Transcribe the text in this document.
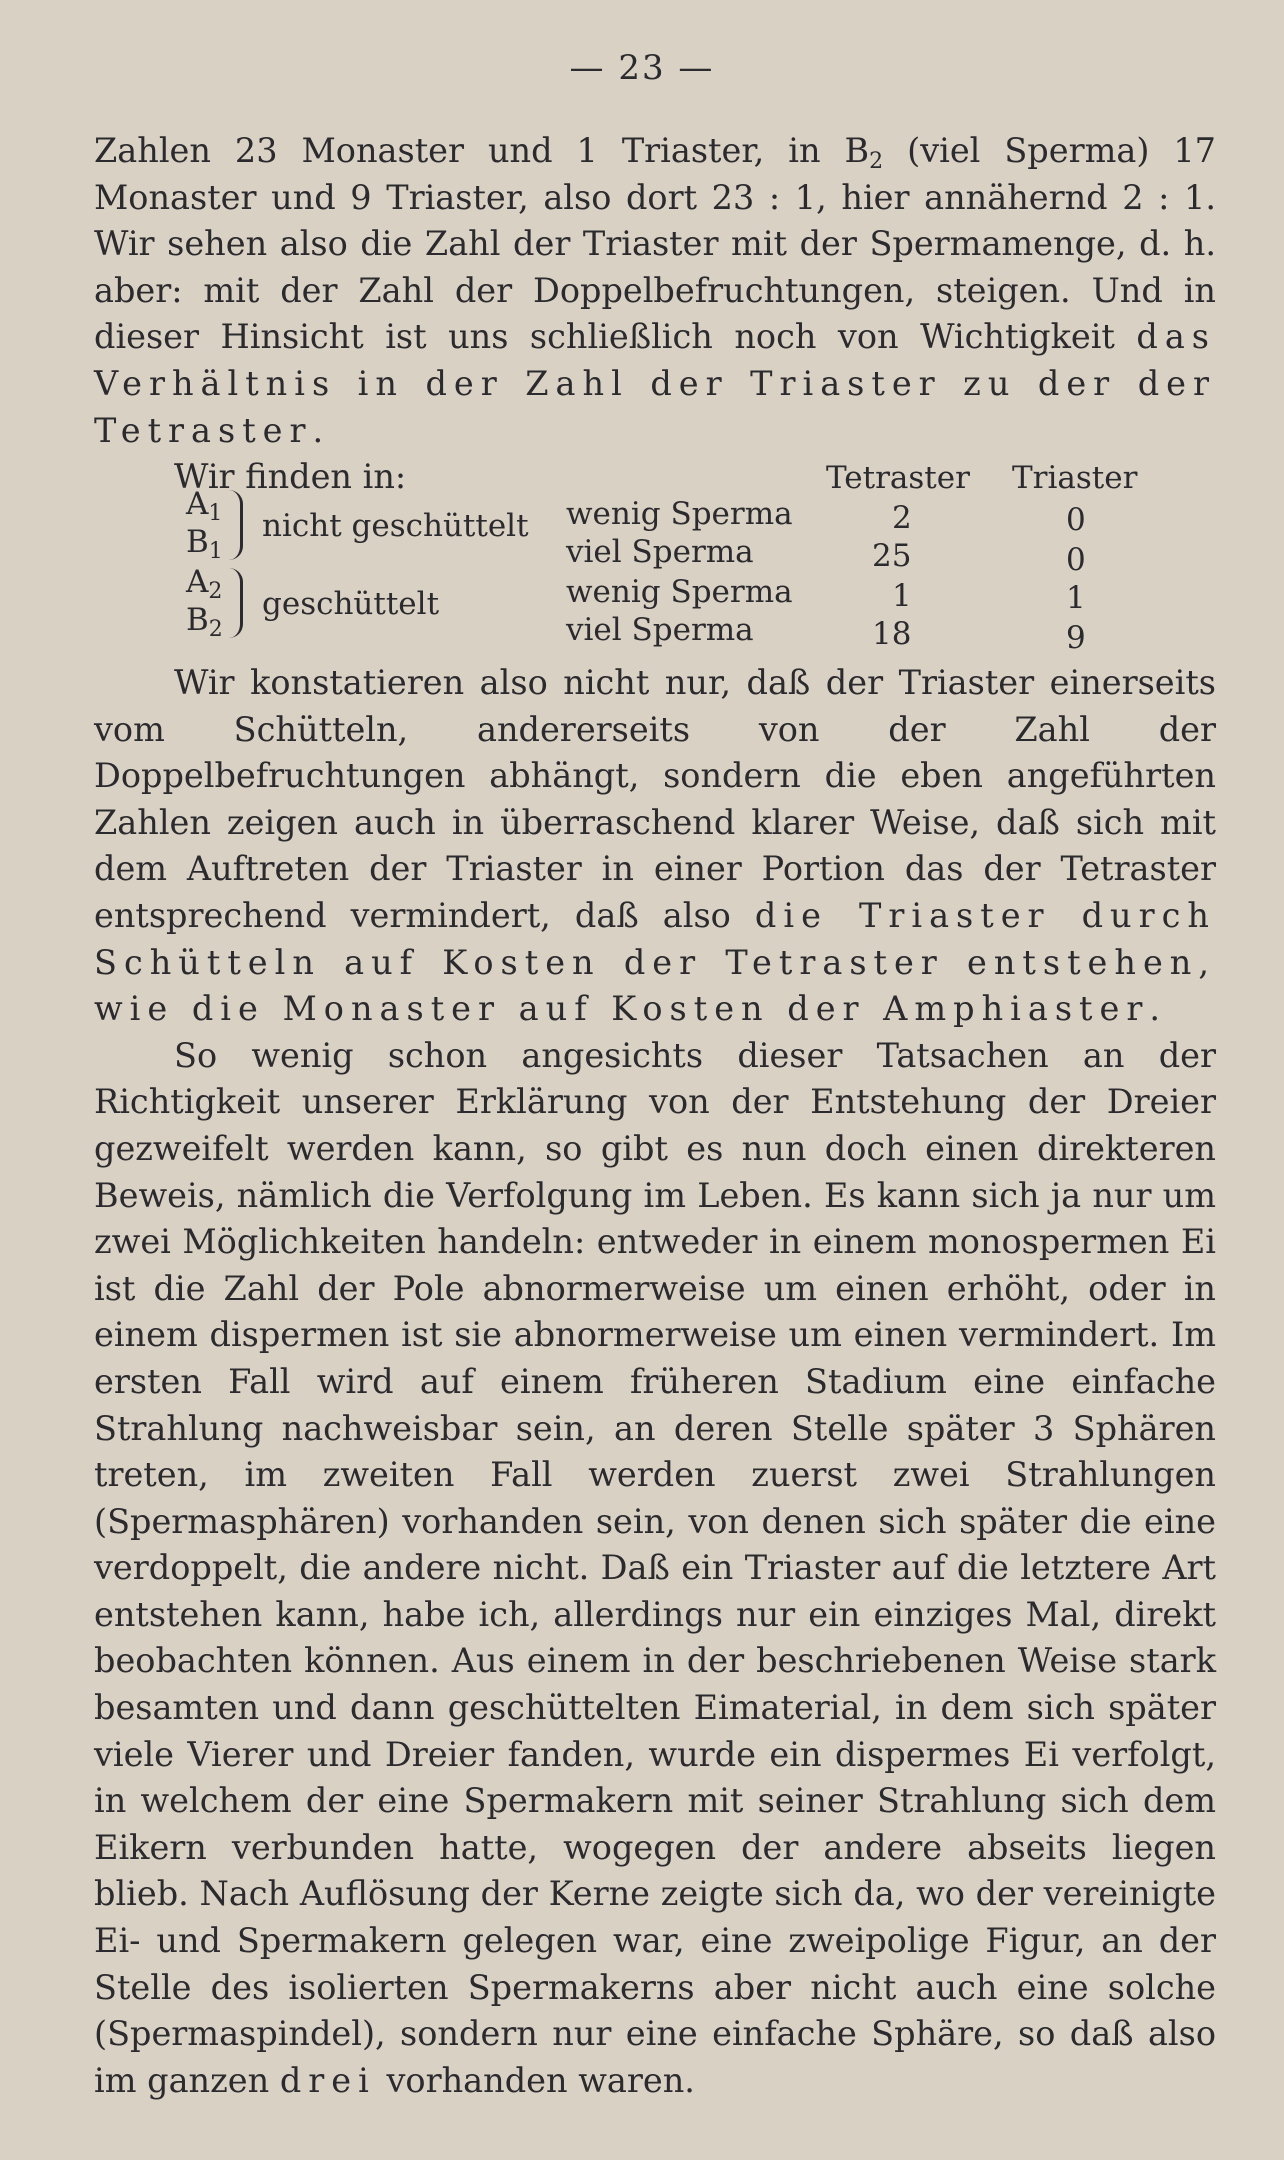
— 23 —

Zahlen 23 Monaster und 1 Triaster, in $B_2$ (viel Sperma) 17 Monaster und 9 Triaster, also dort 23 : 1, hier annähernd 2 : 1. Wir sehen also die Zahl der Triaster mit der Spermamenge, d. h. aber: mit der Zahl der Doppelbefruchtungen, steigen. Und in dieser Hinsicht ist uns schließlich noch von Wichtigkeit das Verhältnis in der Zahl der Triaster zu der der Tetraster.

Wir finden in:	Tetraster Triaster
$A_1$
$B_1$
nicht geschüttelt wenig Sperma	2	0
viel Sperma	25	0
$A_2$
$B_2$
geschüttelt	wenig Sperma	1	1
viel Sperma	18	9

Wir konstatieren also nicht nur, daß der Triaster einerseits vom Schütteln, andererseits von der Zahl der Doppelbefruchtungen abhängt, sondern die eben angeführten Zahlen zeigen auch in überraschend klarer Weise, daß sich mit dem Auftreten der Triaster in einer Portion das der Tetraster entsprechend vermindert, daß also die Triaster durch Schütteln auf Kosten der Tetraster entstehen, wie die Monaster auf Kosten der Amphiaster.

So wenig schon angesichts dieser Tatsachen an der Richtigkeit unserer Erklärung von der Entstehung der Dreier gezweifelt werden kann, so gibt es nun doch einen direkteren Beweis, nämlich die Verfolgung im Leben. Es kann sich ja nur um zwei Möglichkeiten handeln: entweder in einem monospermen Ei ist die Zahl der Pole abnormerweise um einen erhöht, oder in einem dispermen ist sie abnormerweise um einen vermindert. Im ersten Fall wird auf einem früheren Stadium eine einfache Strahlung nachweisbar sein, an deren Stelle später 3 Sphären treten, im zweiten Fall werden zuerst zwei Strahlungen (Spermasphären) vorhanden sein, von denen sich später die eine verdoppelt, die andere nicht. Daß ein Triaster auf die letztere Art entstehen kann, habe ich, allerdings nur ein einziges Mal, direkt beobachten können. Aus einem in der beschriebenen Weise stark besamten und dann geschüttelten Eimaterial, in dem sich später viele Vierer und Dreier fanden, wurde ein dispermes Ei verfolgt, in welchem der eine Spermakern mit seiner Strahlung sich dem Eikern verbunden hatte, wogegen der andere abseits liegen blieb. Nach Auflösung der Kerne zeigte sich da, wo der vereinigte Ei- und Spermakern gelegen war, eine zweipolige Figur, an der Stelle des isolierten Spermakerns aber nicht auch eine solche (Spermaspindel), sondern nur eine einfache Sphäre, so daß also im ganzen drei vorhanden waren.
